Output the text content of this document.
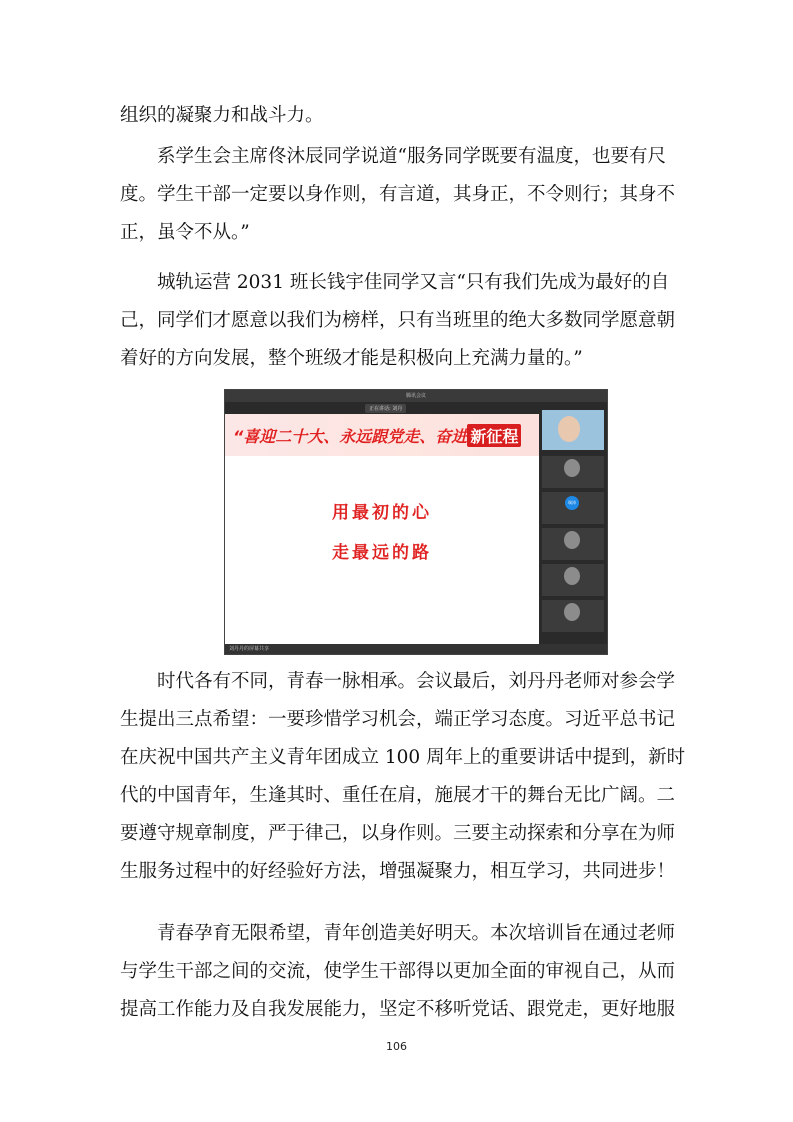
组织的凝聚力和战斗力。
　　系学生会主席佟沐辰同学说道“服务同学既要有温度，也要有尺
度。学生干部一定要以身作则，有言道，其身正，不令则行；其身不
正，虽令不从。”
　　城轨运营 2031 班长钱宇佳同学又言“只有我们先成为最好的自
己，同学们才愿意以我们为榜样，只有当班里的绝大多数同学愿意朝
着好的方向发展，整个班级才能是积极向上充满力量的。”
腾讯会议
正在讲话: 刘丹
“喜迎二十大、永远跟党走、奋进 新征程
用最初的心
走最远的路
瑞涛
刘丹丹的屏幕共享
　　时代各有不同，青春一脉相承。会议最后，刘丹丹老师对参会学
生提出三点希望：一要珍惜学习机会，端正学习态度。习近平总书记
在庆祝中国共产主义青年团成立 100 周年上的重要讲话中提到，新时
代的中国青年，生逢其时、重任在肩，施展才干的舞台无比广阔。二
要遵守规章制度，严于律己，以身作则。三要主动探索和分享在为师
生服务过程中的好经验好方法，增强凝聚力，相互学习，共同进步！
　　青春孕育无限希望，青年创造美好明天。本次培训旨在通过老师
与学生干部之间的交流，使学生干部得以更加全面的审视自己，从而
提高工作能力及自我发展能力，坚定不移听党话、跟党走，更好地服
106
